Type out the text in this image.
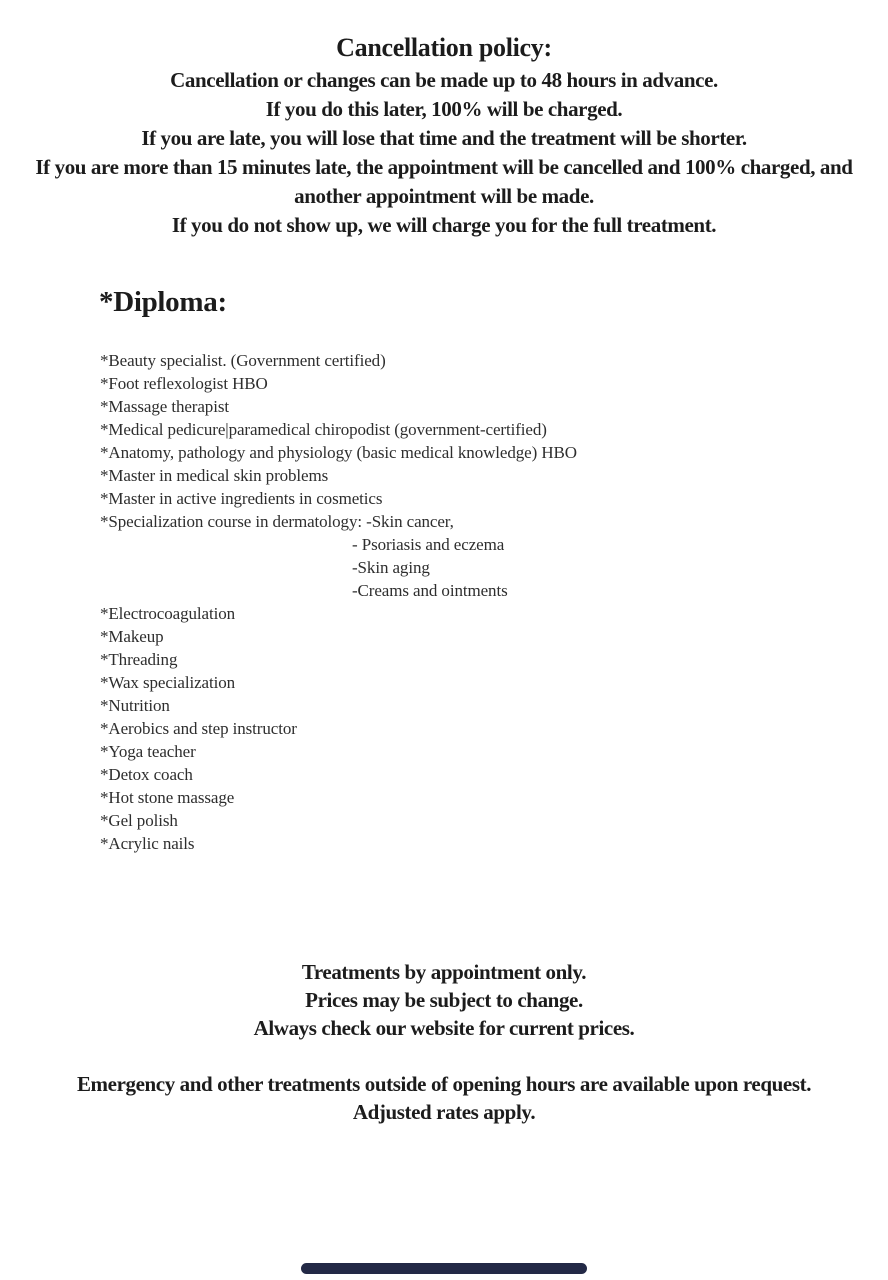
Cancellation policy:
Cancellation or changes can be made up to 48 hours in advance.
If you do this later, 100% will be charged.
If you are late, you will lose that time and the treatment will be shorter.
If you are more than 15 minutes late, the appointment will be cancelled and 100% charged, and
another appointment will be made.
If you do not show up, we will charge you for the full treatment.
*Diploma:
*Beauty specialist. (Government certified)
*Foot reflexologist HBO
*Massage therapist
*Medical pedicure|paramedical chiropodist (government-certified)
*Anatomy, pathology and physiology (basic medical knowledge) HBO
*Master in medical skin problems
*Master in active ingredients in cosmetics
*Specialization course in dermatology: -Skin cancer,
- Psoriasis and eczema
-Skin aging
-Creams and ointments
*Electrocoagulation
*Makeup
*Threading
*Wax specialization
*Nutrition
*Aerobics and step instructor
*Yoga teacher
*Detox coach
*Hot stone massage
*Gel polish
*Acrylic nails
Treatments by appointment only.
Prices may be subject to change.
Always check our website for current prices.
Emergency and other treatments outside of opening hours are available upon request.
Adjusted rates apply.
